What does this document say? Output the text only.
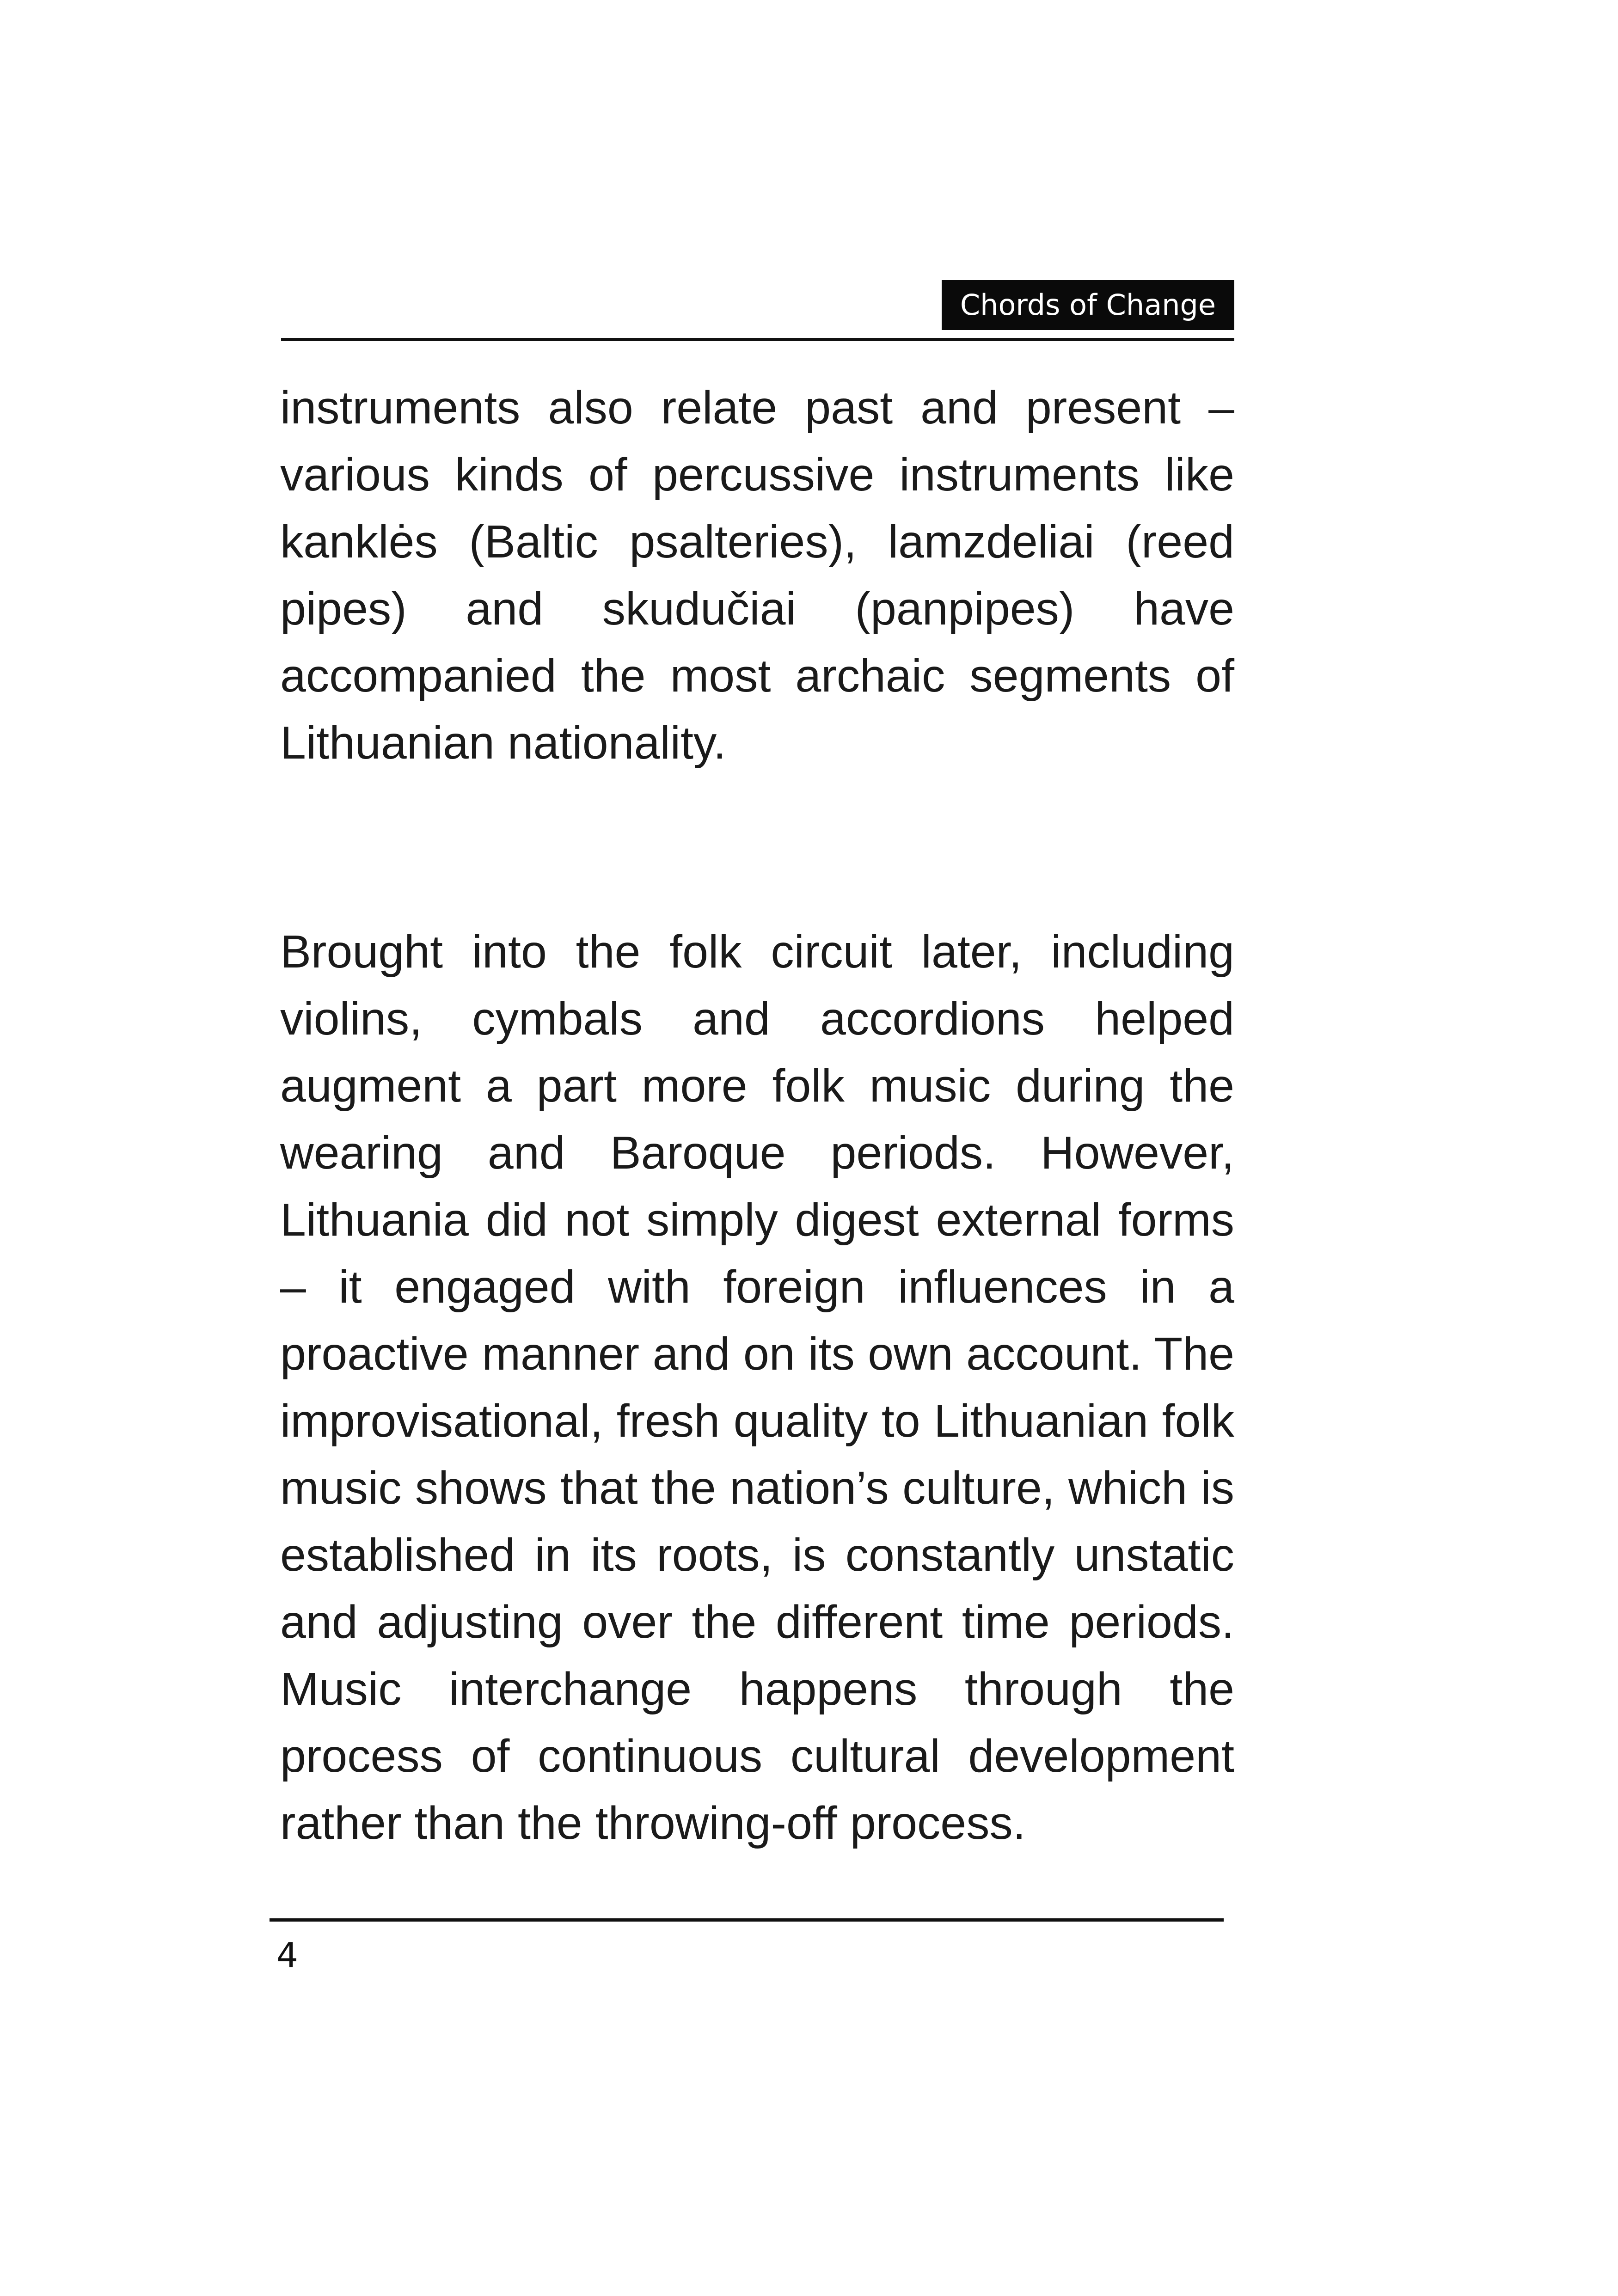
Chords of Change

instruments also relate past and present – various kinds of percussive instruments like kanklės (Baltic psalteries), lamzdeliai (reed pipes) and skudučiai (panpipes) have accompanied the most archaic segments of Lithuanian nationality.

Brought into the folk circuit later, including violins, cymbals and accordions helped augment a part more folk music during the wearing and Baroque periods. However, Lithuania did not simply digest external forms – it engaged with foreign influences in a proactive manner and on its own account. The improvisational, fresh quality to Lithuanian folk music shows that the nation’s culture, which is established in its roots, is constantly unstatic and adjusting over the different time periods. Music interchange happens through the process of continuous cultural development rather than the throwing-off process.

4
